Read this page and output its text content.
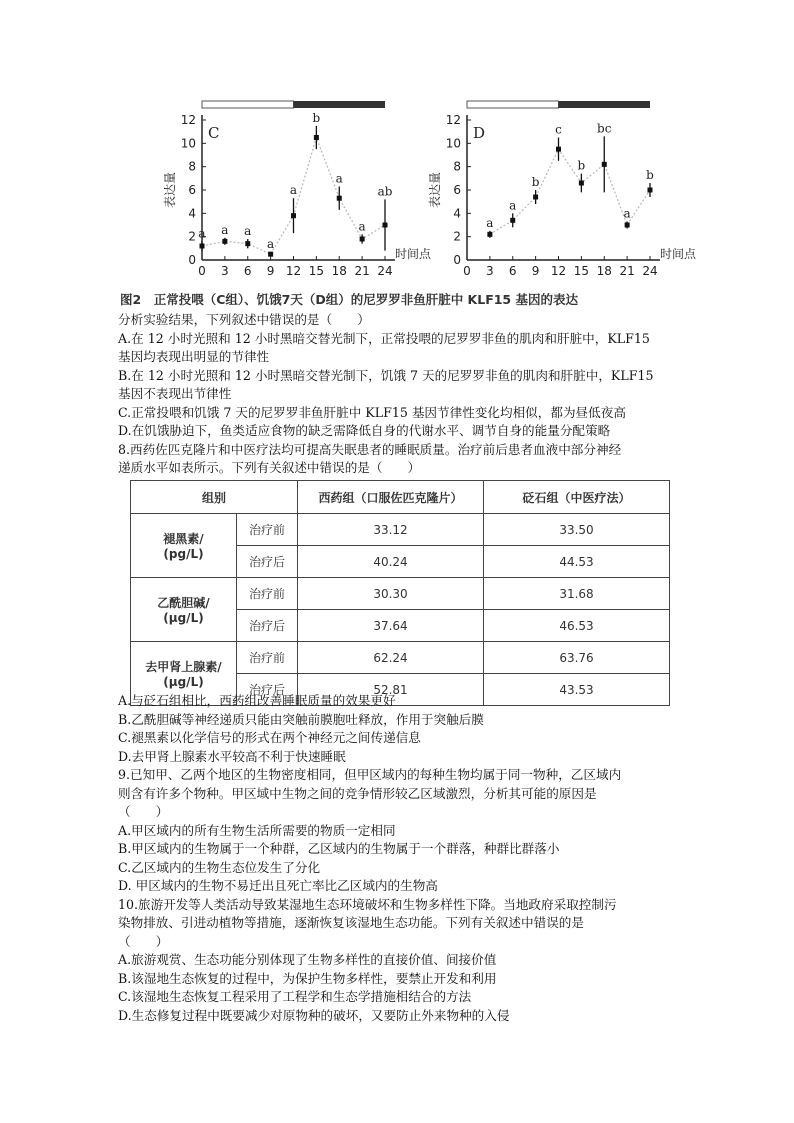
0
2
4
6
8
10
12
0 3 6 9 12 15 18 21 24
C
表达量
时间点
a a a
a
a
b
a
a
ab
0
2
4
6
8
10
12
0 3 6 9 12 15 18 21 24
D
表达量
时间点
a
a
b
c
b
bc
a
b
图2　正常投喂（C组）、饥饿7天（D组）的尼罗罗非鱼肝脏中 KLF15 基因的表达
分析实验结果，下列叙述中错误的是（　　）
A.在 12 小时光照和 12 小时黑暗交替光制下，正常投喂的尼罗罗非鱼的肌肉和肝脏中，KLF15
基因均表现出明显的节律性
B.在 12 小时光照和 12 小时黑暗交替光制下，饥饿 7 天的尼罗罗非鱼的肌肉和肝脏中，KLF15
基因不表现出节律性
C.正常投喂和饥饿 7 天的尼罗罗非鱼肝脏中 KLF15 基因节律性变化均相似，都为昼低夜高
D.在饥饿胁迫下，鱼类适应食物的缺乏需降低自身的代谢水平、调节自身的能量分配策略
8.西药佐匹克隆片和中医疗法均可提高失眠患者的睡眠质量。治疗前后患者血液中部分神经
递质水平如表所示。下列有关叙述中错误的是（　　）
组别		西药组（口服佐匹克隆片）	砭石组（中医疗法）

褪黑素/
(pg/L)	治疗前	33.12	33.50
	治疗后	40.24	44.53

乙酰胆碱/
(μg/L)	治疗前	30.30	31.68
	治疗后	37.64	46.53

去甲肾上腺素/
(μg/L)	治疗前	62.24	63.76
	治疗后	52.81	43.53
A.与砭石组相比，西药组改善睡眠质量的效果更好
B.乙酰胆碱等神经递质只能由突触前膜胞吐释放，作用于突触后膜
C.褪黑素以化学信号的形式在两个神经元之间传递信息
D.去甲肾上腺素水平较高不利于快速睡眠
9.已知甲、乙两个地区的生物密度相同，但甲区域内的每种生物均属于同一物种，乙区域内
则含有许多个物种。甲区域中生物之间的竞争情形较乙区域激烈，分析其可能的原因是
（　　）
A.甲区域内的所有生物生活所需要的物质一定相同
B.甲区域内的生物属于一个种群，乙区域内的生物属于一个群落，种群比群落小
C.乙区域内的生物生态位发生了分化
D. 甲区域内的生物不易迁出且死亡率比乙区域内的生物高
10.旅游开发等人类活动导致某湿地生态环境破坏和生物多样性下降。当地政府采取控制污
染物排放、引进动植物等措施，逐渐恢复该湿地生态功能。下列有关叙述中错误的是
（　　）
A.旅游观赏、生态功能分别体现了生物多样性的直接价值、间接价值
B.该湿地生态恢复的过程中，为保护生物多样性，要禁止开发和利用
C.该湿地生态恢复工程采用了工程学和生态学措施相结合的方法
D.生态修复过程中既要减少对原物种的破坏，又要防止外来物种的入侵
